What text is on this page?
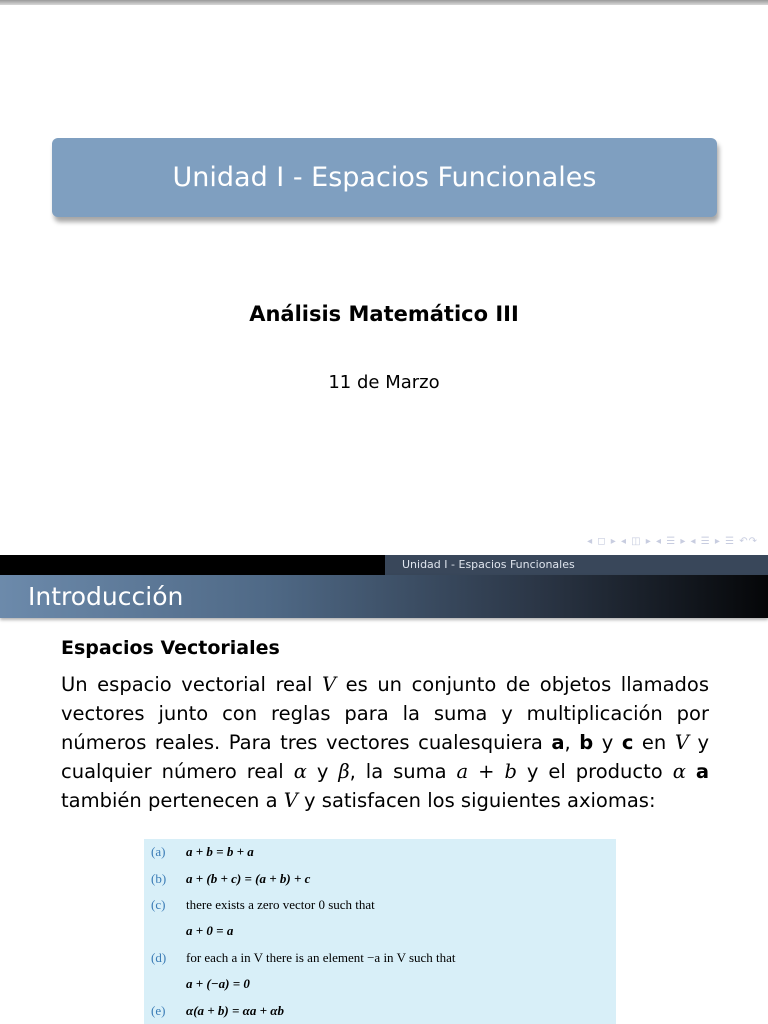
Unidad I - Espacios Funcionales
Análisis Matemático III
11 de Marzo
◂ ◻ ▸ ◂ ◫ ▸ ◂ ☰ ▸ ◂ ☰ ▸ ☰ ↶↷
Unidad I - Espacios Funcionales
Introducción
Espacios Vectoriales
Un espacio vectorial real V es un conjunto de objetos llamados vectores junto con reglas para la suma y multiplicación por números reales. Para tres vectores cualesquiera a, b y c en V y cualquier número real α y β, la suma a + b y el producto α a también pertenecen a V y satisfacen los siguientes axiomas:
(a) a + b = b + a
(b) a + (b + c) = (a + b) + c
(c) there exists a zero vector 0 such that
a + 0 = a
(d) for each a in V there is an element −a in V such that
a + (−a) = 0
(e) α(a + b) = αa + αb
